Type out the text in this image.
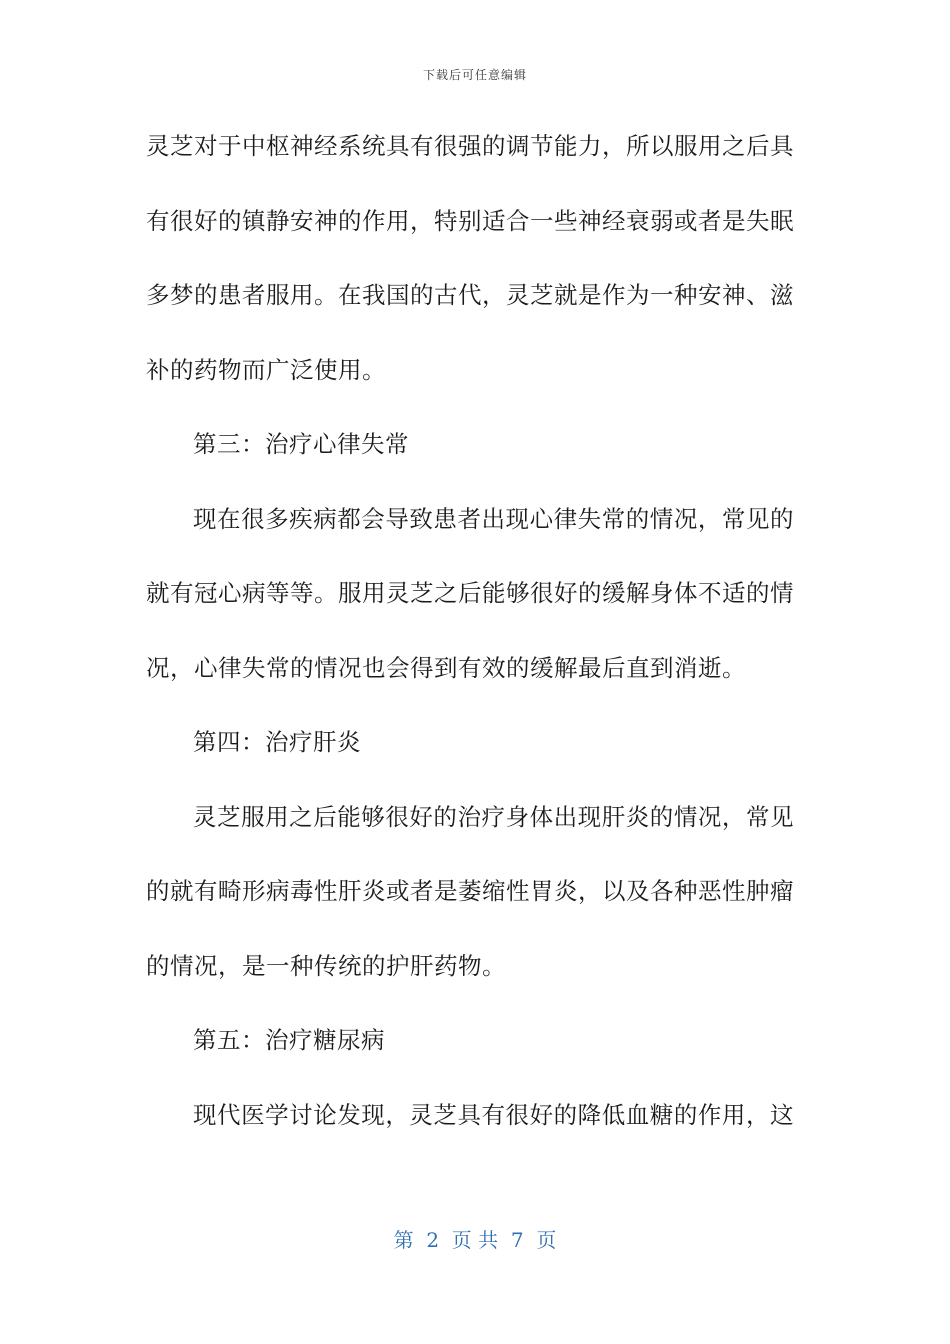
下载后可任意编辑
灵芝对于中枢神经系统具有很强的调节能力，所以服用之后具
有很好的镇静安神的作用，特别适合一些神经衰弱或者是失眠
多梦的患者服用。在我国的古代，灵芝就是作为一种安神、滋
补的药物而广泛使用。
第三：治疗心律失常
现在很多疾病都会导致患者出现心律失常的情况，常见的
就有冠心病等等。服用灵芝之后能够很好的缓解身体不适的情
况，心律失常的情况也会得到有效的缓解最后直到消逝。
第四：治疗肝炎
灵芝服用之后能够很好的治疗身体出现肝炎的情况，常见
的就有畸形病毒性肝炎或者是萎缩性胃炎，以及各种恶性肿瘤
的情况，是一种传统的护肝药物。
第五：治疗糖尿病
现代医学讨论发现，灵芝具有很好的降低血糖的作用，这
第  2  页 共  7  页
